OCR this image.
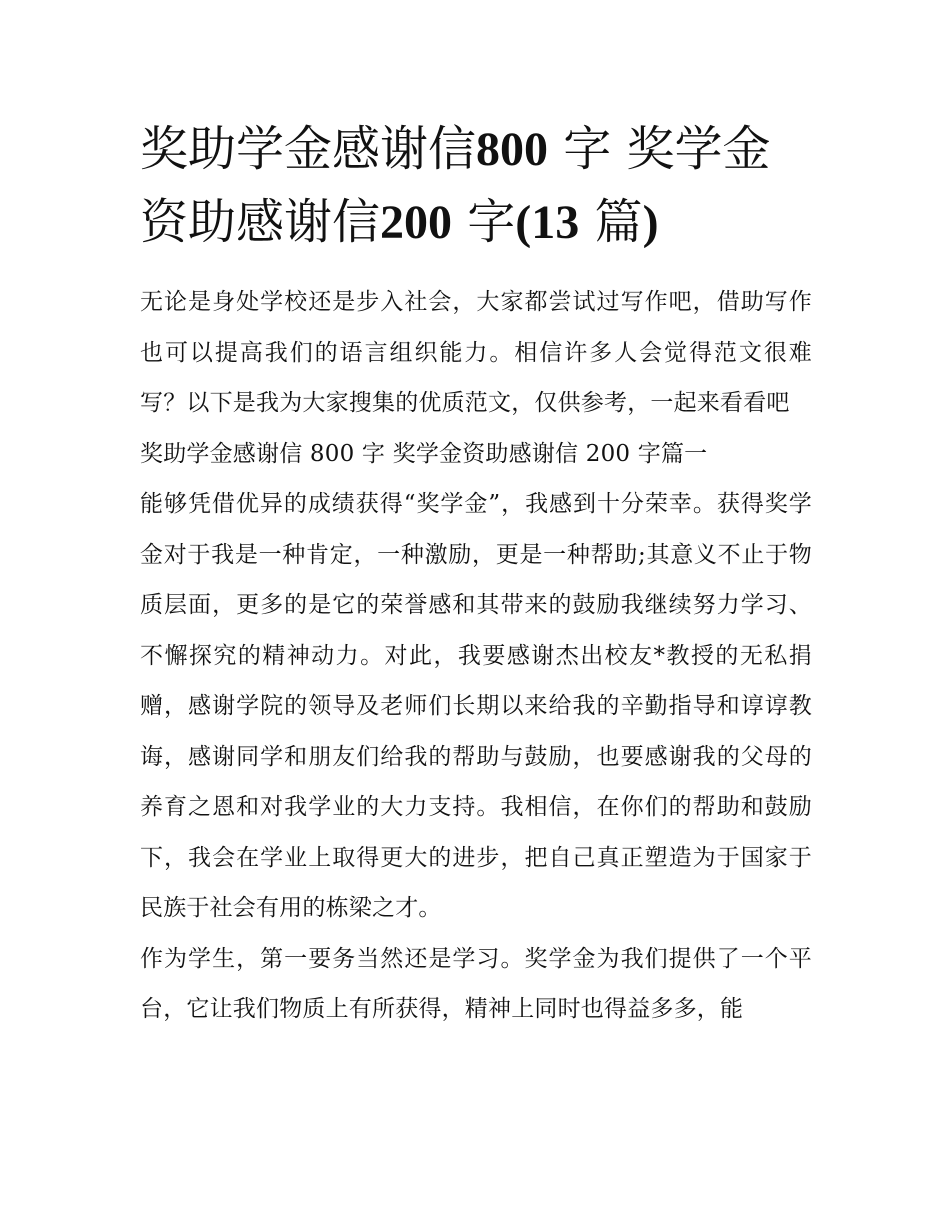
奖助学金感谢信800 字 奖学金资助感谢信200 字(13 篇)

无论是身处学校还是步入社会，大家都尝试过写作吧，借助写作也可以提高我们的语言组织能力。相信许多人会觉得范文很难写？以下是我为大家搜集的优质范文，仅供参考，一起来看看吧

奖助学金感谢信 800 字 奖学金资助感谢信 200 字篇一

能够凭借优异的成绩获得“奖学金”，我感到十分荣幸。获得奖学金对于我是一种肯定，一种激励，更是一种帮助;其意义不止于物质层面，更多的是它的荣誉感和其带来的鼓励我继续努力学习、不懈探究的精神动力。对此，我要感谢杰出校友*教授的无私捐赠，感谢学院的领导及老师们长期以来给我的辛勤指导和谆谆教诲，感谢同学和朋友们给我的帮助与鼓励，也要感谢我的父母的养育之恩和对我学业的大力支持。我相信，在你们的帮助和鼓励下，我会在学业上取得更大的进步，把自己真正塑造为于国家于民族于社会有用的栋梁之才。

作为学生，第一要务当然还是学习。奖学金为我们提供了一个平台，它让我们物质上有所获得，精神上同时也得益多多，能
